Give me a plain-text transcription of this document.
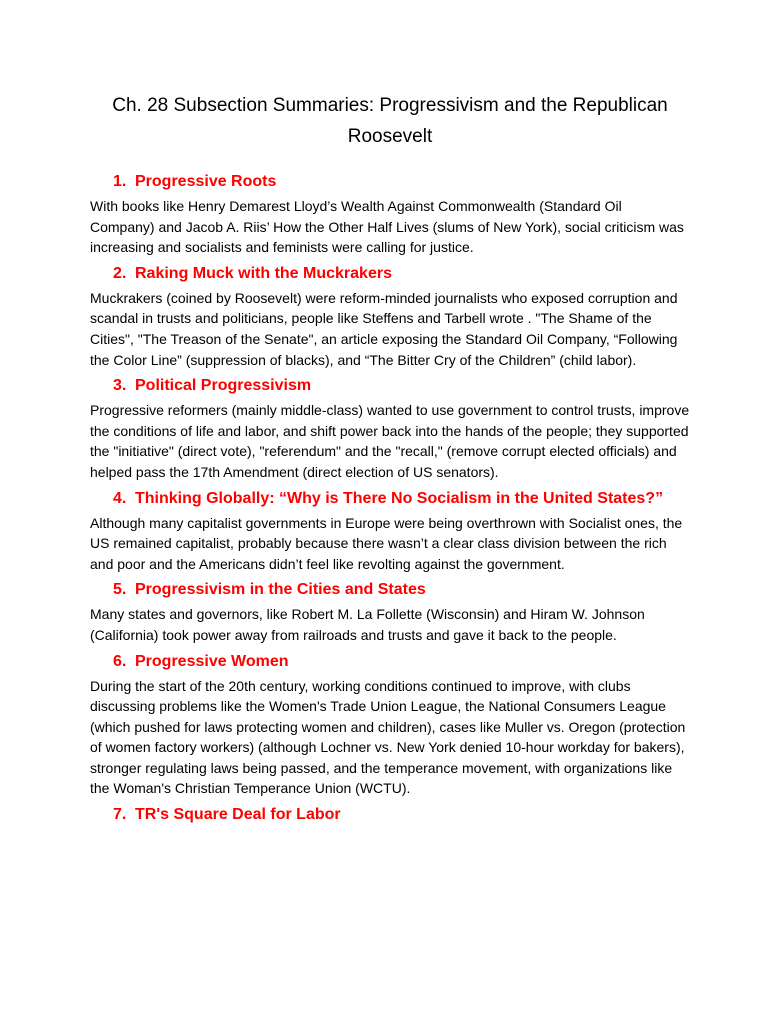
Ch. 28 Subsection Summaries: Progressivism and the Republican Roosevelt
1. Progressive Roots

With books like Henry Demarest Lloyd’s Wealth Against Commonwealth (Standard Oil Company) and Jacob A. Riis’ How the Other Half Lives (slums of New York), social criticism was increasing and socialists and feminists were calling for justice.

2. Raking Muck with the Muckrakers

Muckrakers (coined by Roosevelt) were reform-minded journalists who exposed corruption and scandal in trusts and politicians, people like Steffens and Tarbell wrote . "The Shame of the Cities", "The Treason of the Senate", an article exposing the Standard Oil Company, “Following the Color Line” (suppression of blacks), and “The Bitter Cry of the Children” (child labor).

3. Political Progressivism

Progressive reformers (mainly middle-class) wanted to use government to control trusts, improve the conditions of life and labor, and shift power back into the hands of the people; they supported the "initiative" (direct vote), "referendum" and the "recall," (remove corrupt elected officials) and helped pass the 17th Amendment (direct election of US senators).

4. Thinking Globally: “Why is There No Socialism in the United States?”

Although many capitalist governments in Europe were being overthrown with Socialist ones, the US remained capitalist, probably because there wasn’t a clear class division between the rich and poor and the Americans didn’t feel like revolting against the government.

5. Progressivism in the Cities and States

Many states and governors, like Robert M. La Follette (Wisconsin) and Hiram W. Johnson (California) took power away from railroads and trusts and gave it back to the people.

6. Progressive Women

During the start of the 20th century, working conditions continued to improve, with clubs discussing problems like the Women's Trade Union League, the National Consumers League (which pushed for laws protecting women and children), cases like Muller vs. Oregon (protection of women factory workers) (although Lochner vs. New York denied 10-hour workday for bakers), stronger regulating laws being passed, and the temperance movement, with organizations like the Woman's Christian Temperance Union (WCTU).

7. TR's Square Deal for Labor
